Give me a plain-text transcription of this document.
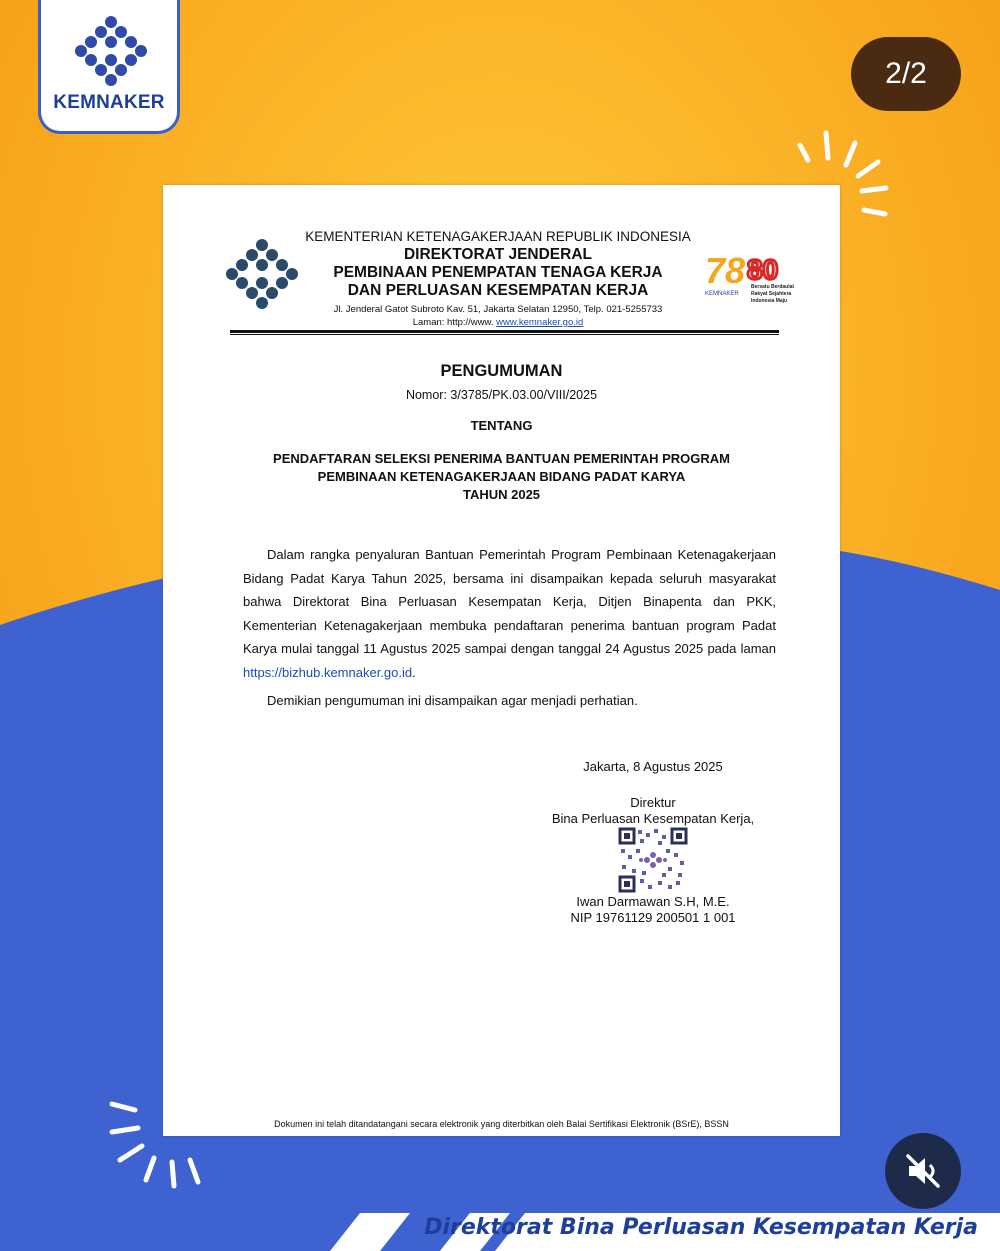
KEMNAKER
2/2
KEMENTERIAN KETENAGAKERJAAN REPUBLIK INDONESIA
DIREKTORAT JENDERAL
PEMBINAAN PENEMPATAN TENAGA KERJA
DAN PERLUASAN KESEMPATAN KERJA
Jl. Jenderal Gatot Subroto Kav. 51, Jakarta Selatan 12950, Telp. 021-5255733
Laman: http://www. www.kemnaker.go.id
78 80
KEMNAKER
Bersatu Berdaulat
Rakyat Sejahtera
Indonesia Maju
PENGUMUMAN
Nomor: 3/3785/PK.03.00/VIII/2025
TENTANG
PENDAFTARAN SELEKSI PENERIMA BANTUAN PEMERINTAH PROGRAM
PEMBINAAN KETENAGAKERJAAN BIDANG PADAT KARYA
TAHUN 2025
Dalam rangka penyaluran Bantuan Pemerintah Program Pembinaan Ketenagakerjaan Bidang Padat Karya Tahun 2025, bersama ini disampaikan kepada seluruh masyarakat bahwa Direktorat Bina Perluasan Kesempatan Kerja, Ditjen Binapenta dan PKK, Kementerian Ketenagakerjaan membuka pendaftaran penerima bantuan program Padat Karya mulai tanggal 11 Agustus 2025 sampai dengan tanggal 24 Agustus 2025 pada laman https://bizhub.kemnaker.go.id.
Demikian pengumuman ini disampaikan agar menjadi perhatian.
Jakarta, 8 Agustus 2025
Direktur
Bina Perluasan Kesempatan Kerja,
Iwan Darmawan S.H, M.E.
NIP 19761129 200501 1 001
Dokumen ini telah ditandatangani secara elektronik yang diterbitkan oleh Balai Sertifikasi Elektronik (BSrE), BSSN
Direktorat Bina Perluasan Kesempatan Kerja
